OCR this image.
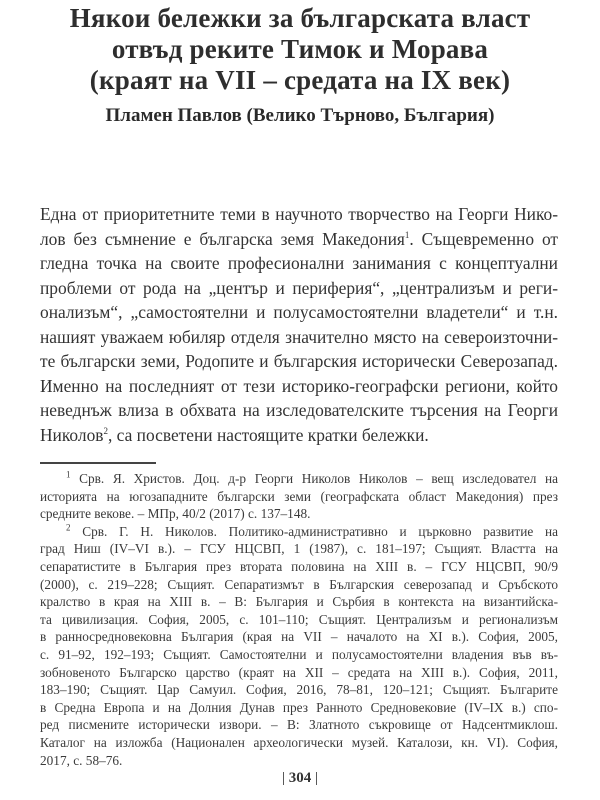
Някои бележки за българската власт
отвъд реките Тимок и Морава
(краят на VII – средата на IX век)
Пламен Павлов (Велико Търново, България)
Една от приоритетните теми в научното творчество на Георги Нико-
лов без съмнение е българска земя Македония$^1$. Същевременно от
гледна точка на своите професионални занимания с концептуални
проблеми от рода на „център и периферия“, „централизъм и реги-
онализъм“, „самостоятелни и полусамостоятелни владетели“ и т.н.
нашият уважаем юбиляр отделя значително място на североизточни-
те български земи, Родопите и българския исторически Северозапад.
Именно на последният от тези историко-географски региони, който
неведнъж влиза в обхвата на изследователските търсения на Георги
Николов$^2$, са посветени настоящите кратки бележки.
$^1$ Срв. Я. Христов. Доц. д-р Георги Николов Николов – вещ изследовател на
историята на югозападните български земи (географската област Македония) през
средните векове. – МПр, 40/2 (2017) с. 137–148.
$^2$ Срв. Г. Н. Николов. Политико-административно и църковно развитие на
град Ниш (IV–VI в.). – ГСУ НЦСВП, 1 (1987), с. 181–197; Същият. Властта на
сепаратистите в България през втората половина на XIII в. – ГСУ НЦСВП, 90/9
(2000), с. 219–228; Същият. Сепаратизмът в Българския северозапад и Сръбското
кралство в края на XIII в. – В: България и Сърбия в контекста на византийска-
та цивилизация. София, 2005, с. 101–110; Същият. Централизъм и регионализъм
в ранносредновековна България (края на VII – началото на XI в.). София, 2005,
с. 91–92, 192–193; Същият. Самостоятелни и полусамостоятелни владения във въ-
зобновеното Българско царство (краят на XII – средата на XIII в.). София, 2011,
183–190; Същият. Цар Самуил. София, 2016, 78–81, 120–121; Същият. Българите
в Средна Европа и на Долния Дунав през Ранното Средновековие (IV–IX в.) спо-
ред писмените исторически извори. – В: Златното съкровище от Надсентмиклош.
Каталог на изложба (Национален археологически музей. Каталози, кн. VI). София,
2017, с. 58–76.
| 304 |
